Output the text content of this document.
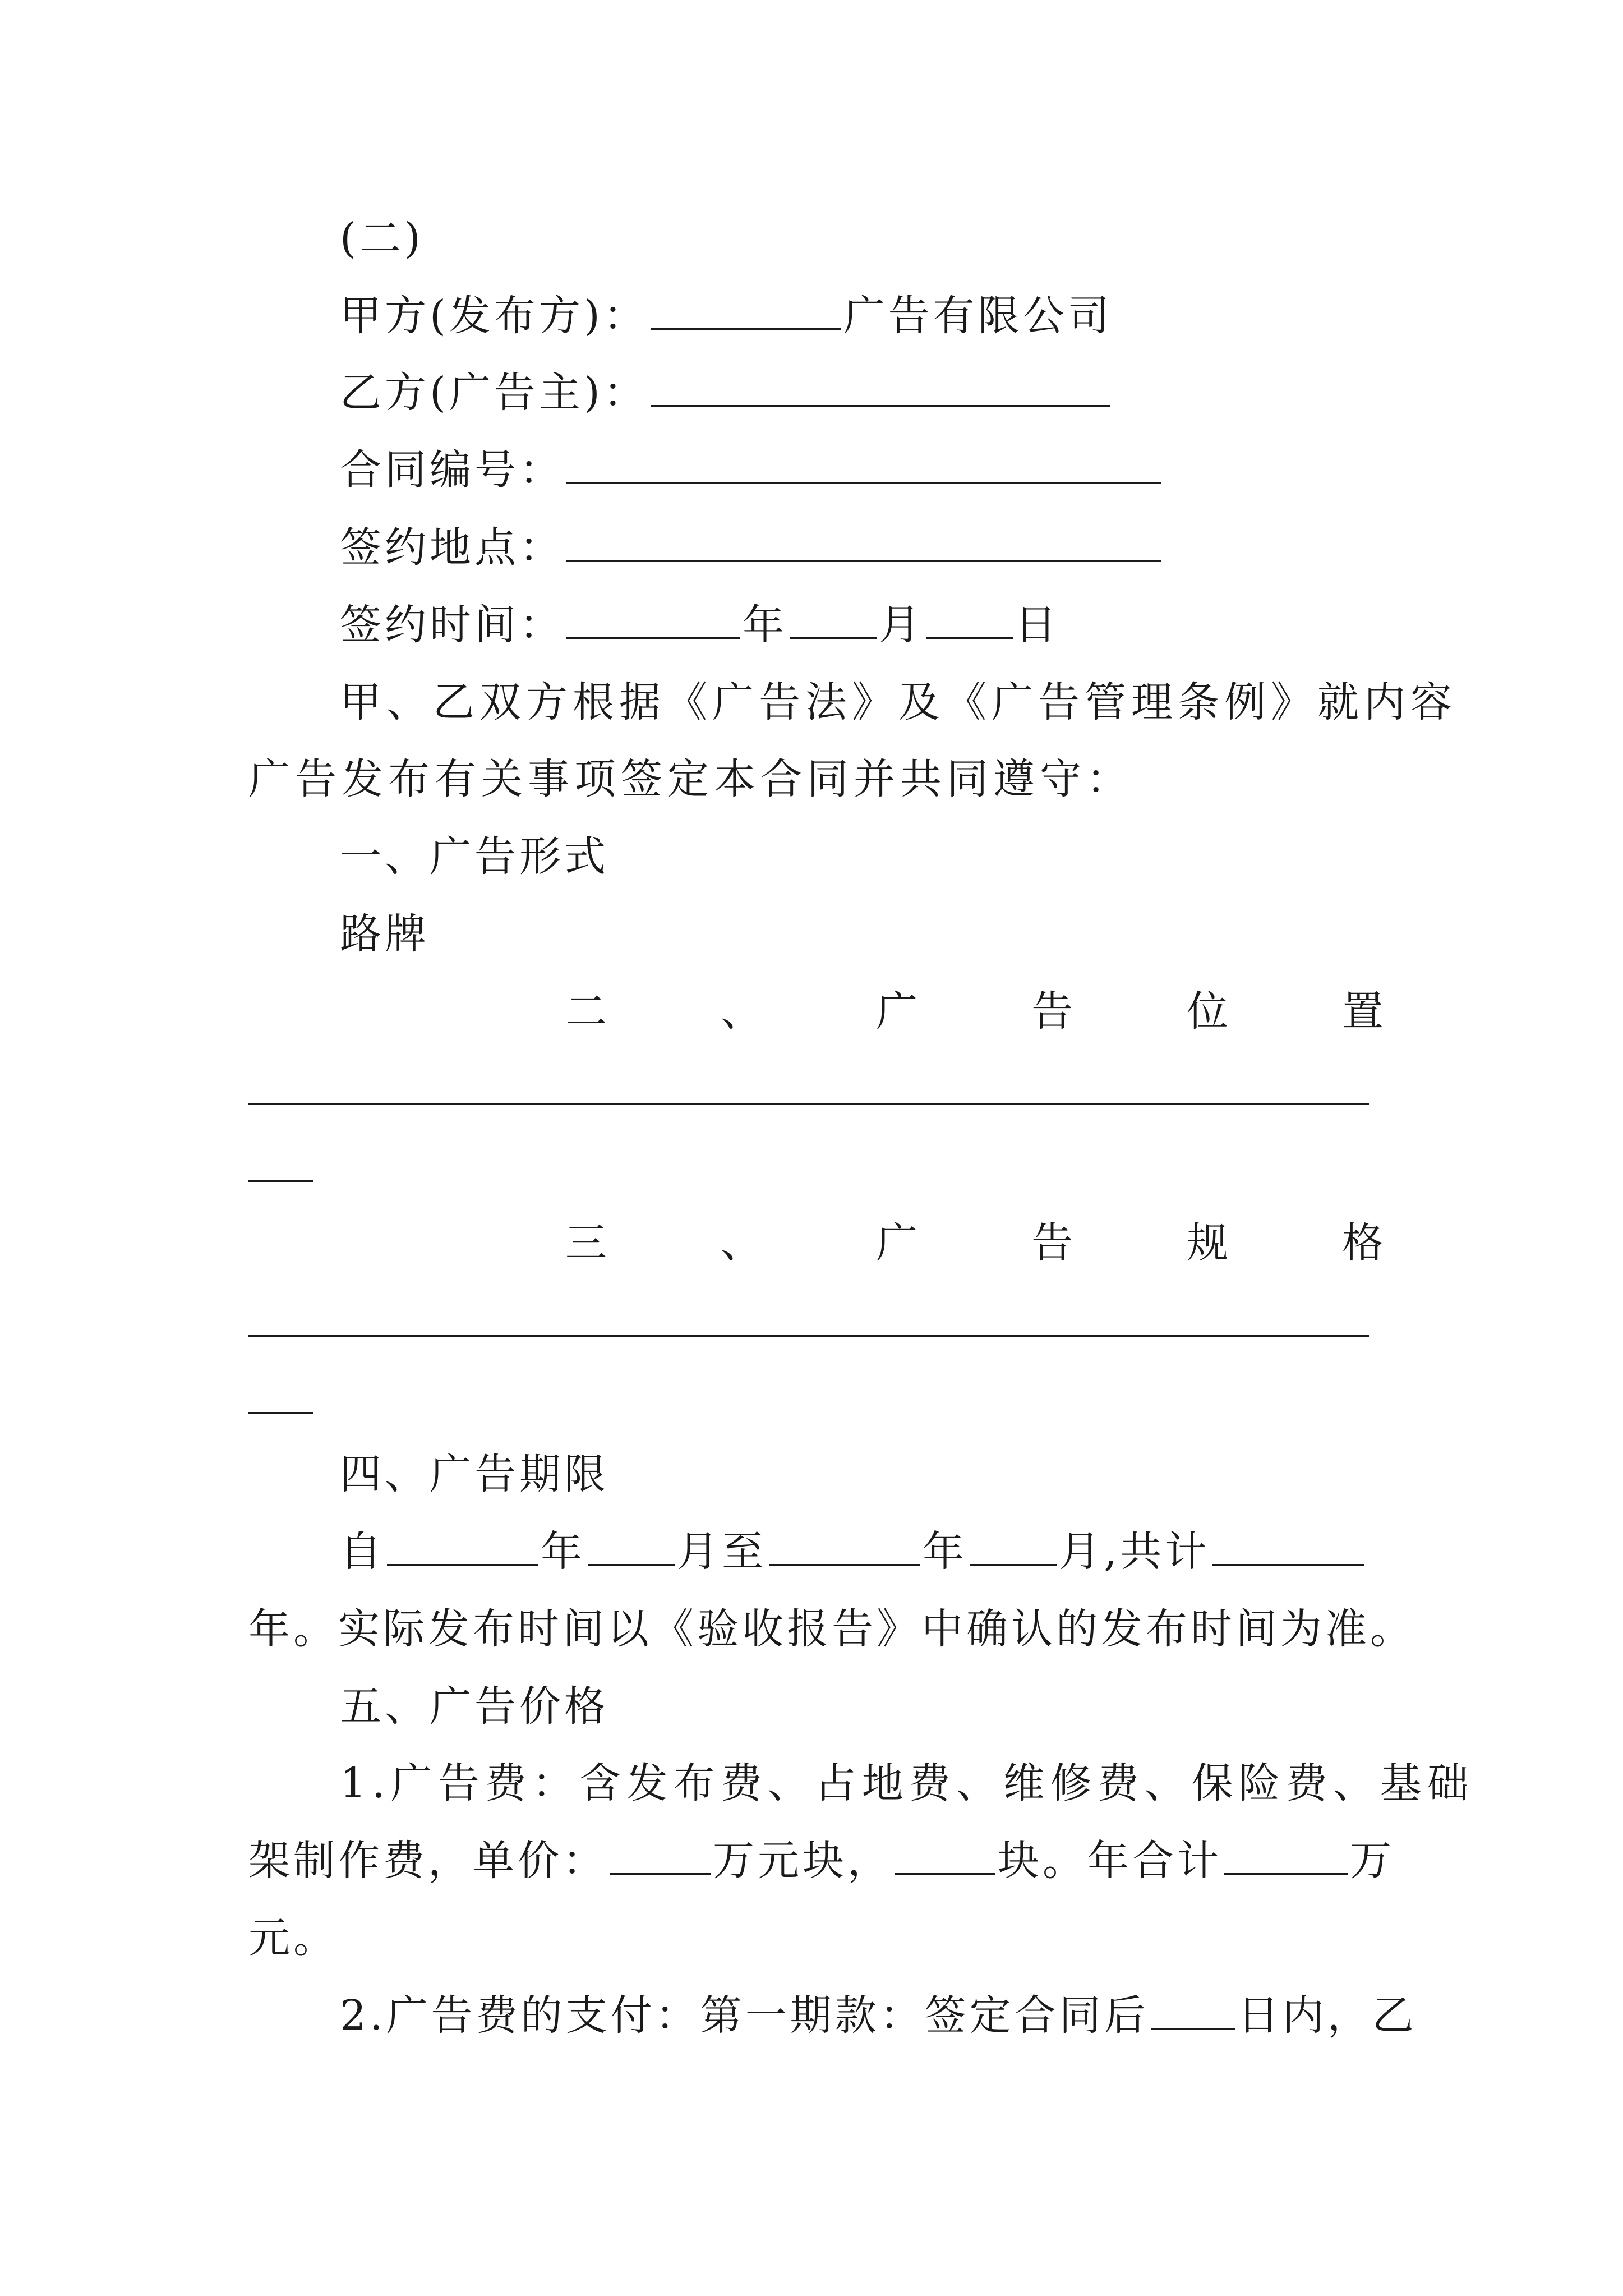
(二)
甲方(发布方)：	广告有限公司
乙方(广告主)：
合同编号：
签约地点：
签约时间：	年 月 日
甲、乙双方根据《广告法》及《广告管理条例》就内容
广告发布有关事项签定本合同并共同遵守：
一、广告形式
路牌
二	、	广	告	位	置
三	、	广	告	规	格
四、广告期限
自	年 月至	年 月,共计
年。实际发布时间以《验收报告》中确认的发布时间为准。
五、广告价格
1.广告费：含发布费、占地费、维修费、保险费、基础
架制作费，单价：	万元块，	块。年合计	万
元。
2.广告费的支付：第一期款：签定合同后 日内，乙
